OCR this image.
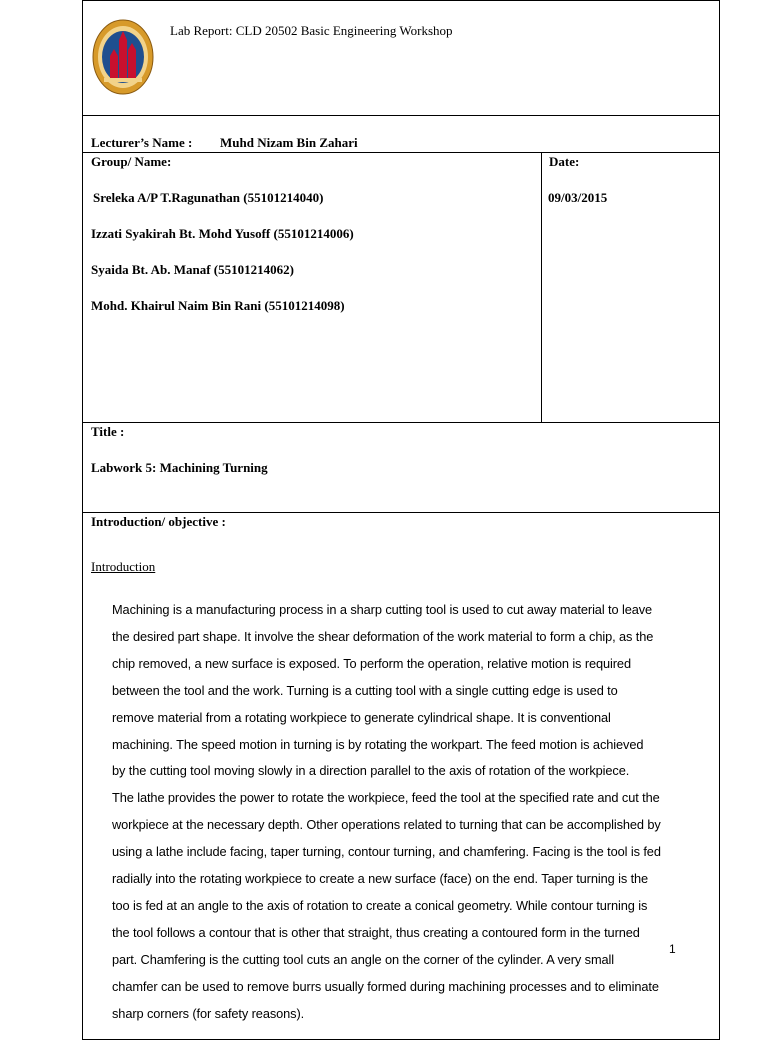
Lab Report: CLD 20502 Basic Engineering Workshop
Lecturer’s Name : Muhd Nizam Bin Zahari
Group/ Name:
Sreleka A/P T.Ragunathan (55101214040)
Izzati Syakirah Bt. Mohd Yusoff (55101214006)
Syaida Bt. Ab. Manaf (55101214062)
Mohd. Khairul Naim Bin Rani (55101214098)
Date:
09/03/2015
Title :
Labwork 5: Machining Turning
Introduction/ objective :
Introduction
Machining is a manufacturing process in a sharp cutting tool is used to cut away material to leave
the desired part shape. It involve the shear deformation of the work material to form a chip, as the
chip removed, a new surface is exposed. To perform the operation, relative motion is required
between the tool and the work. Turning is a cutting tool with a single cutting edge is used to
remove material from a rotating workpiece to generate cylindrical shape. It is conventional
machining. The speed motion in turning is by rotating the workpart. The feed motion is achieved
by the cutting tool moving slowly in a direction parallel to the axis of rotation of the workpiece.
The lathe provides the power to rotate the workpiece, feed the tool at the specified rate and cut the
workpiece at the necessary depth. Other operations related to turning that can be accomplished by
using a lathe include facing, taper turning, contour turning, and chamfering. Facing is the tool is fed
radially into the rotating workpiece to create a new surface (face) on the end. Taper turning is the
too is fed at an angle to the axis of rotation to create a conical geometry. While contour turning is
the tool follows a contour that is other that straight, thus creating a contoured form in the turned
part. Chamfering is the cutting tool cuts an angle on the corner of the cylinder. A very small
chamfer can be used to remove burrs usually formed during machining processes and to eliminate
sharp corners (for safety reasons).
1
